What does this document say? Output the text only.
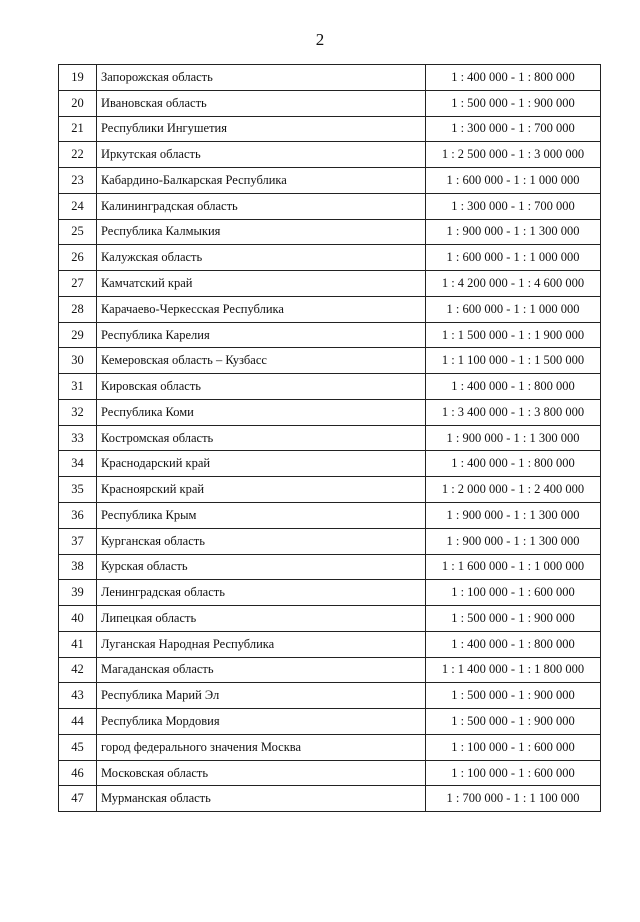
2
19	Запорожская область	1 : 400 000 - 1 : 800 000
20	Ивановская область	1 : 500 000 - 1 : 900 000
21	Республики Ингушетия	1 : 300 000 - 1 : 700 000
22	Иркутская область	1 : 2 500 000 - 1 : 3 000 000
23	Кабардино-Балкарская Республика	1 : 600 000 - 1 : 1 000 000
24	Калининградская область	1 : 300 000 - 1 : 700 000
25	Республика Калмыкия	1 : 900 000 - 1 : 1 300 000
26	Калужская область	1 : 600 000 - 1 : 1 000 000
27	Камчатский край	1 : 4 200 000 - 1 : 4 600 000
28	Карачаево-Черкесская Республика	1 : 600 000 - 1 : 1 000 000
29	Республика Карелия	1 : 1 500 000 - 1 : 1 900 000
30	Кемеровская область – Кузбасс	1 : 1 100 000 - 1 : 1 500 000
31	Кировская область	1 : 400 000 - 1 : 800 000
32	Республика Коми	1 : 3 400 000 - 1 : 3 800 000
33	Костромская область	1 : 900 000 - 1 : 1 300 000
34	Краснодарский край	1 : 400 000 - 1 : 800 000
35	Красноярский край	1 : 2 000 000 - 1 : 2 400 000
36	Республика Крым	1 : 900 000 - 1 : 1 300 000
37	Курганская область	1 : 900 000 - 1 : 1 300 000
38	Курская область	1 : 1 600 000 - 1 : 1 000 000
39	Ленинградская область	1 : 100 000 - 1 : 600 000
40	Липецкая область	1 : 500 000 - 1 : 900 000
41	Луганская Народная Республика	1 : 400 000 - 1 : 800 000
42	Магаданская область	1 : 1 400 000 - 1 : 1 800 000
43	Республика Марий Эл	1 : 500 000 - 1 : 900 000
44	Республика Мордовия	1 : 500 000 - 1 : 900 000
45	город федерального значения Москва	1 : 100 000 - 1 : 600 000
46	Московская область	1 : 100 000 - 1 : 600 000
47	Мурманская область	1 : 700 000 - 1 : 1 100 000
